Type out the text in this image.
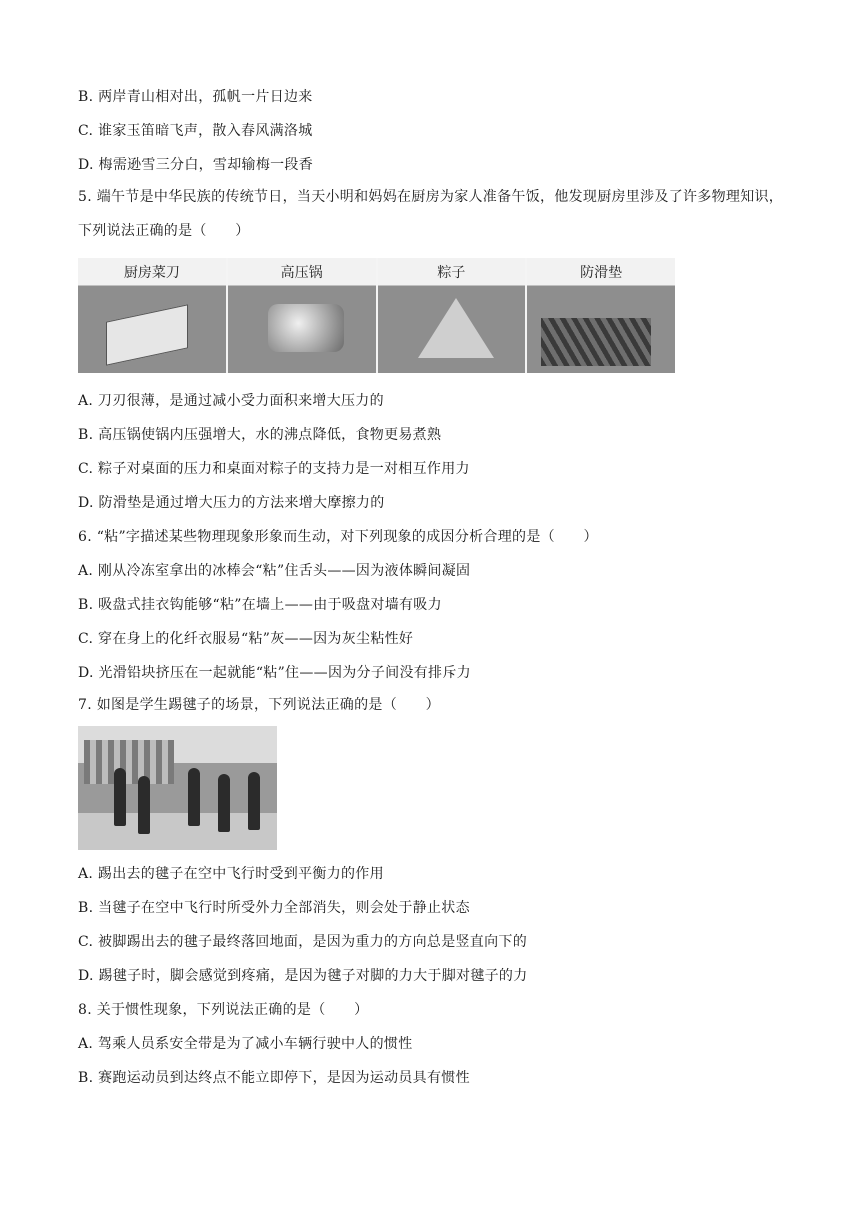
B. 两岸青山相对出，孤帆一片日边来
C. 谁家玉笛暗飞声，散入春风满洛城
D. 梅需逊雪三分白，雪却输梅一段香
5. 端午节是中华民族的传统节日，当天小明和妈妈在厨房为家人准备午饭，他发现厨房里涉及了许多物理知识，下列说法正确的是（　　）
厨房菜刀	高压锅	粽子	防滑垫
A. 刀刃很薄，是通过减小受力面积来增大压力的
B. 高压锅使锅内压强增大，水的沸点降低，食物更易煮熟
C. 粽子对桌面的压力和桌面对粽子的支持力是一对相互作用力
D. 防滑垫是通过增大压力的方法来增大摩擦力的
6. “粘”字描述某些物理现象形象而生动，对下列现象的成因分析合理的是（　　）
A. 刚从冷冻室拿出的冰棒会“粘”住舌头——因为液体瞬间凝固
B. 吸盘式挂衣钩能够“粘”在墙上——由于吸盘对墙有吸力
C. 穿在身上的化纤衣服易“粘”灰——因为灰尘粘性好
D. 光滑铅块挤压在一起就能“粘”住——因为分子间没有排斥力
7. 如图是学生踢毽子的场景，下列说法正确的是（　　）
A. 踢出去的毽子在空中飞行时受到平衡力的作用
B. 当毽子在空中飞行时所受外力全部消失，则会处于静止状态
C. 被脚踢出去的毽子最终落回地面，是因为重力的方向总是竖直向下的
D. 踢毽子时，脚会感觉到疼痛，是因为毽子对脚的力大于脚对毽子的力
8. 关于惯性现象，下列说法正确的是（　　）
A. 驾乘人员系安全带是为了减小车辆行驶中人的惯性
B. 赛跑运动员到达终点不能立即停下，是因为运动员具有惯性
